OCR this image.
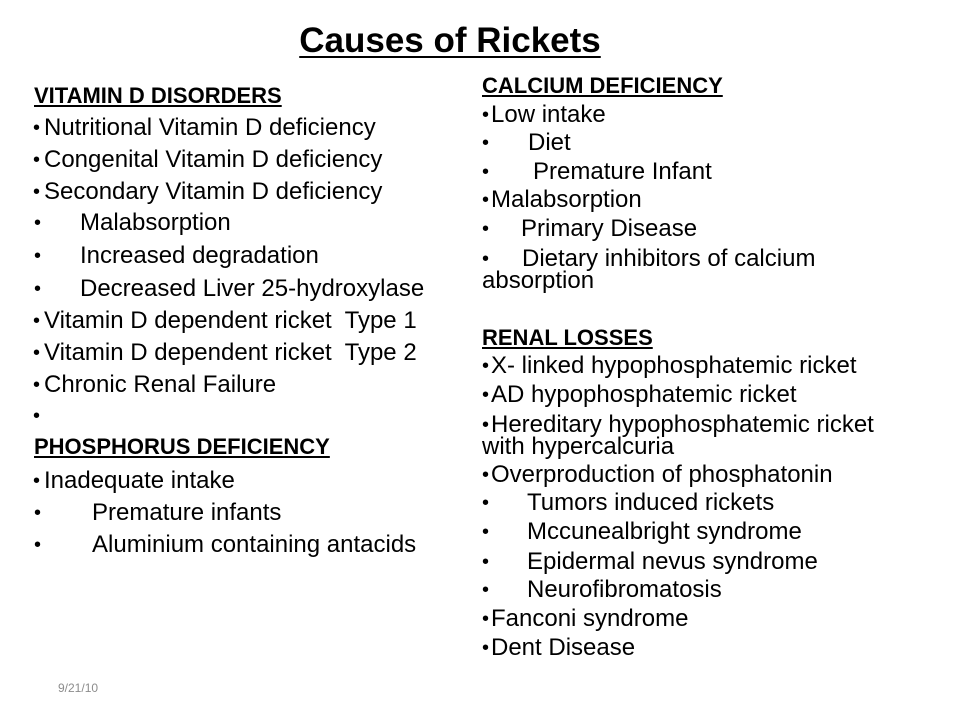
Causes of Rickets
VITAMIN D DISORDERS
• Nutritional Vitamin D deficiency
• Congenital Vitamin D deficiency
• Secondary Vitamin D deficiency
• Malabsorption
• Increased degradation
• Decreased Liver 25-hydroxylase
• Vitamin D dependent ricket  Type 1
• Vitamin D dependent ricket  Type 2
• Chronic Renal Failure
PHOSPHORUS DEFICIENCY
• Inadequate intake
• Premature infants
• Aluminium containing antacids
CALCIUM DEFICIENCY
• Low intake
• Diet
• Premature Infant
• Malabsorption
• Primary Disease
• Dietary inhibitors of calcium absorption
RENAL LOSSES
• X- linked hypophosphatemic ricket
• AD hypophosphatemic ricket
• Hereditary hypophosphatemic ricket with hypercalcuria
• Overproduction of phosphatonin
• Tumors induced rickets
• Mccunealbright syndrome
• Epidermal nevus syndrome
• Neurofibromatosis
• Fanconi syndrome
• Dent Disease
9/21/10
